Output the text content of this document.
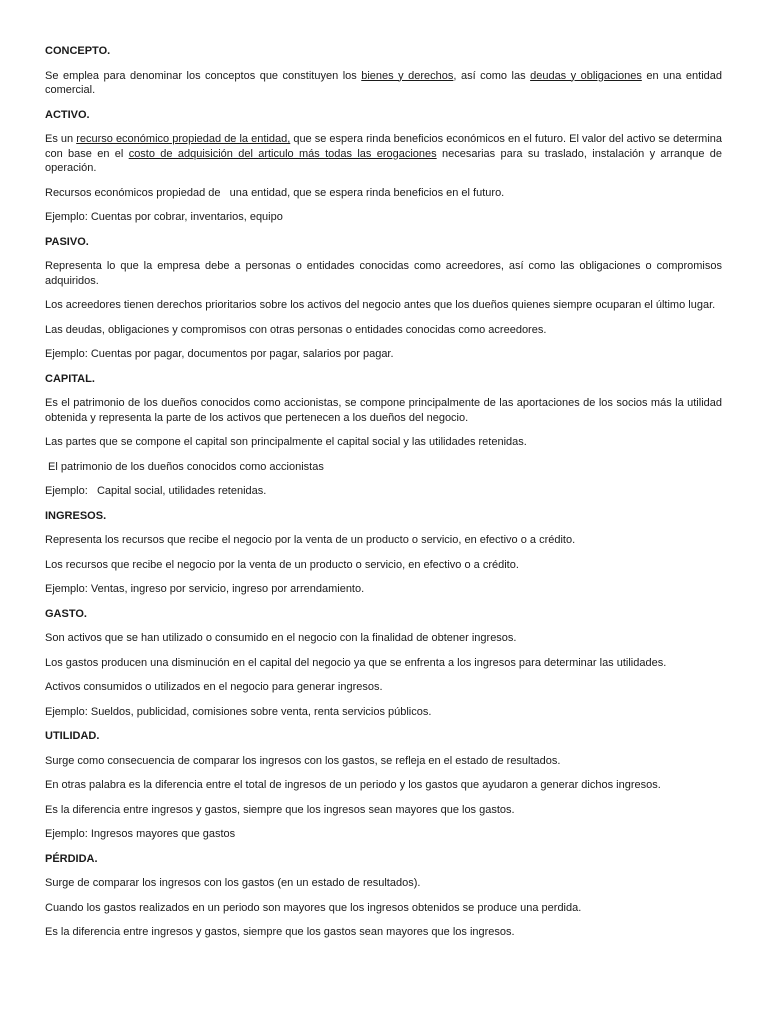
CONCEPTO.
Se emplea para denominar los conceptos que constituyen los bienes y derechos, así como las deudas y obligaciones en una entidad comercial.
ACTIVO.
Es un recurso económico propiedad de la entidad, que se espera rinda beneficios económicos en el futuro. El valor del activo se determina con base en el costo de adquisición del articulo más todas las erogaciones necesarias para su traslado, instalación y arranque de operación.
Recursos económicos propiedad de   una entidad, que se espera rinda beneficios en el futuro.
Ejemplo: Cuentas por cobrar, inventarios, equipo
PASIVO.
Representa lo que la empresa debe a personas o entidades conocidas como acreedores, así como las obligaciones o compromisos adquiridos.
Los acreedores tienen derechos prioritarios sobre los activos del negocio antes que los dueños quienes siempre ocuparan el último lugar.
Las deudas, obligaciones y compromisos con otras personas o entidades conocidas como acreedores.
Ejemplo: Cuentas por pagar, documentos por pagar, salarios por pagar.
CAPITAL.
Es el patrimonio de los dueños conocidos como accionistas, se compone principalmente de las aportaciones de los socios más la utilidad obtenida y representa la parte de los activos que pertenecen a los dueños del negocio.
Las partes que se compone el capital son principalmente el capital social y las utilidades retenidas.
El patrimonio de los dueños conocidos como accionistas
Ejemplo:   Capital social, utilidades retenidas.
INGRESOS.
Representa los recursos que recibe el negocio por la venta de un producto o servicio, en efectivo o a crédito.
Los recursos que recibe el negocio por la venta de un producto o servicio, en efectivo o a crédito.
Ejemplo: Ventas, ingreso por servicio, ingreso por arrendamiento.
GASTO.
Son activos que se han utilizado o consumido en el negocio con la finalidad de obtener ingresos.
Los gastos producen una disminución en el capital del negocio ya que se enfrenta a los ingresos para determinar las utilidades.
Activos consumidos o utilizados en el negocio para generar ingresos.
Ejemplo: Sueldos, publicidad, comisiones sobre venta, renta servicios públicos.
UTILIDAD.
Surge como consecuencia de comparar los ingresos con los gastos, se refleja en el estado de resultados.
En otras palabra es la diferencia entre el total de ingresos de un periodo y los gastos que ayudaron a generar dichos ingresos.
Es la diferencia entre ingresos y gastos, siempre que los ingresos sean mayores que los gastos.
Ejemplo: Ingresos mayores que gastos
PÉRDIDA.
Surge de comparar los ingresos con los gastos (en un estado de resultados).
Cuando los gastos realizados en un periodo son mayores que los ingresos obtenidos se produce una perdida.
Es la diferencia entre ingresos y gastos, siempre que los gastos sean mayores que los ingresos.
